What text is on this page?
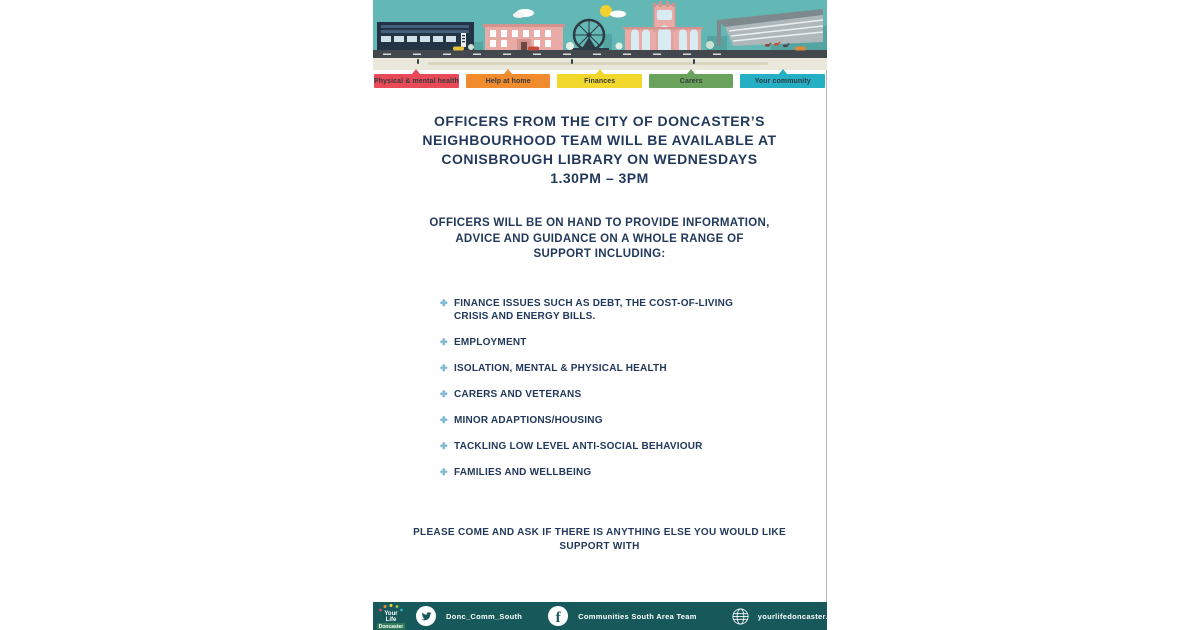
Physical & mental health	Help at home	Finances	Carers	Your community
OFFICERS FROM THE CITY OF DONCASTER’S
NEIGHBOURHOOD TEAM WILL BE AVAILABLE AT
CONISBROUGH LIBRARY ON WEDNESDAYS
1.30PM – 3PM
OFFICERS WILL BE ON HAND TO PROVIDE INFORMATION,
ADVICE AND GUIDANCE ON A WHOLE RANGE OF
SUPPORT INCLUDING:
✤ FINANCE ISSUES SUCH AS DEBT, THE COST-OF-LIVING CRISIS AND ENERGY BILLS.
✤ EMPLOYMENT
✤ ISOLATION, MENTAL & PHYSICAL HEALTH
✤ CARERS AND VETERANS
✤ MINOR ADAPTIONS/HOUSING
✤ TACKLING LOW LEVEL ANTI-SOCIAL BEHAVIOUR
✤ FAMILIES AND WELLBEING
PLEASE COME AND ASK IF THERE IS ANYTHING ELSE YOU WOULD LIKE
SUPPORT WITH
Your
Life
Doncaster
Donc_Comm_South f Communities South Area Team	yourlifedoncaster.co.uk
